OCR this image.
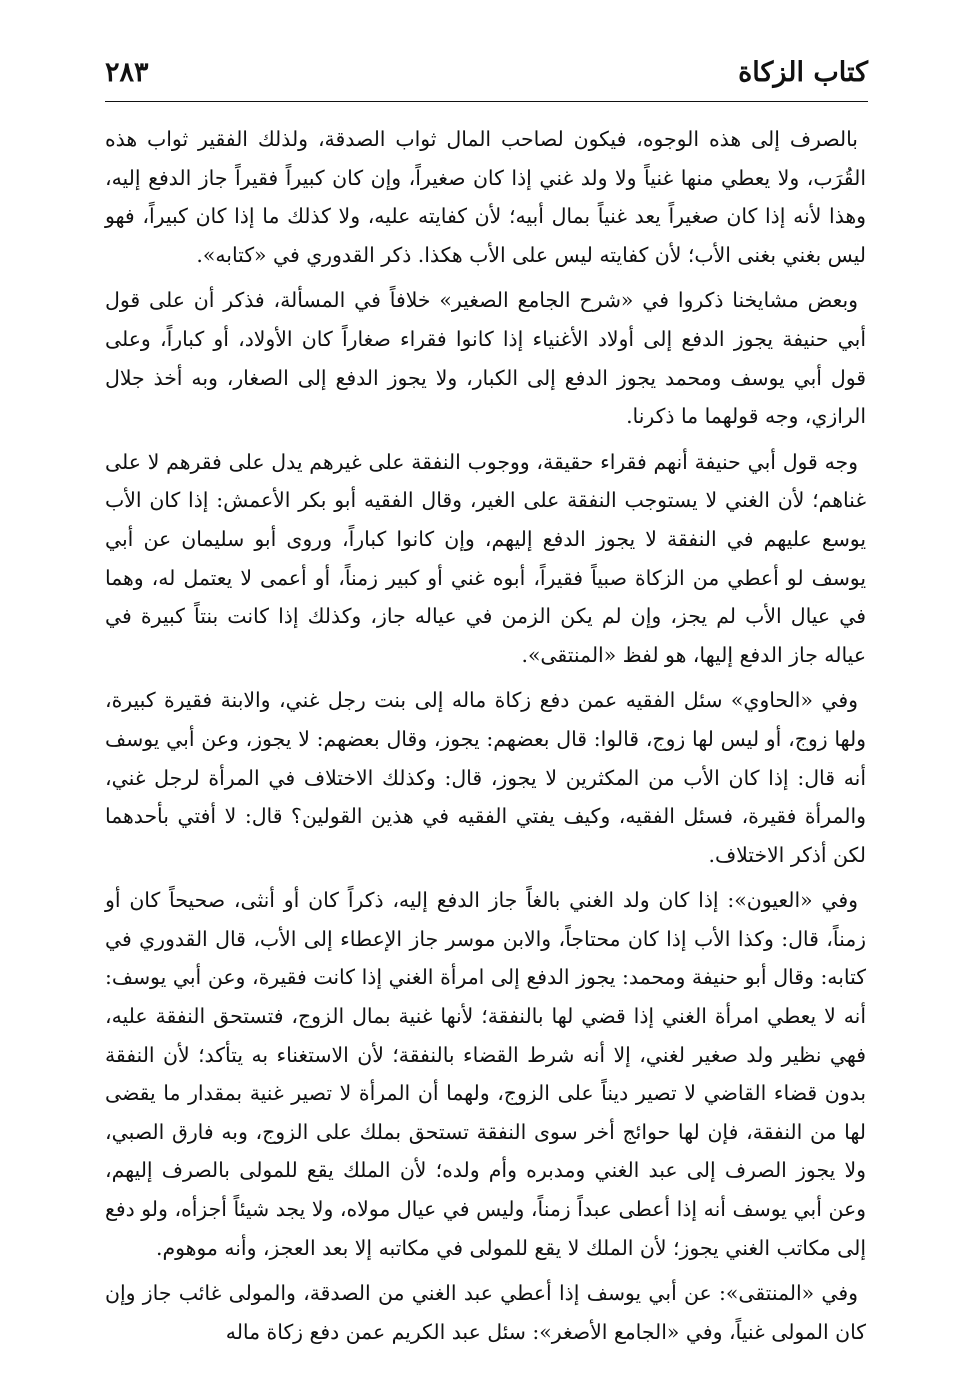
كتاب الزكاة
٢٨٣

بالصرف إلى هذه الوجوه، فيكون لصاحب المال ثواب الصدقة، ولذلك الفقير ثواب هذه القُرَب، ولا يعطي منها غنياً ولا ولد غني إذا كان صغيراً، وإن كان كبيراً فقيراً جاز الدفع إليه، وهذا لأنه إذا كان صغيراً يعد غنياً بمال أبيه؛ لأن كفايته عليه، ولا كذلك ما إذا كان كبيراً، فهو ليس بغني بغنى الأب؛ لأن كفايته ليس على الأب هكذا. ذكر القدوري في «كتابه».

وبعض مشايخنا ذكروا في «شرح الجامع الصغير» خلافاً في المسألة، فذكر أن على قول أبي حنيفة يجوز الدفع إلى أولاد الأغنياء إذا كانوا فقراء صغاراً كان الأولاد، أو كباراً، وعلى قول أبي يوسف ومحمد يجوز الدفع إلى الكبار، ولا يجوز الدفع إلى الصغار، وبه أخذ جلال الرازي، وجه قولهما ما ذكرنا.

وجه قول أبي حنيفة أنهم فقراء حقيقة، ووجوب النفقة على غيرهم يدل على فقرهم لا على غناهم؛ لأن الغني لا يستوجب النفقة على الغير، وقال الفقيه أبو بكر الأعمش: إذا كان الأب يوسع عليهم في النفقة لا يجوز الدفع إليهم، وإن كانوا كباراً، وروى أبو سليمان عن أبي يوسف لو أعطي من الزكاة صبياً فقيراً، أبوه غني أو كبير زمناً، أو أعمى لا يعتمل له، وهما في عيال الأب لم يجز، وإن لم يكن الزمن في عياله جاز، وكذلك إذا كانت بنتاً كبيرة في عياله جاز الدفع إليها، هو لفظ «المنتقى».

وفي «الحاوي» سئل الفقيه عمن دفع زكاة ماله إلى بنت رجل غني، والابنة فقيرة كبيرة، ولها زوج، أو ليس لها زوج، قالوا: قال بعضهم: يجوز، وقال بعضهم: لا يجوز، وعن أبي يوسف أنه قال: إذا كان الأب من المكثرين لا يجوز، قال: وكذلك الاختلاف في المرأة لرجل غني، والمرأة فقيرة، فسئل الفقيه، وكيف يفتي الفقيه في هذين القولين؟ قال: لا أفتي بأحدهما لكن أذكر الاختلاف.

وفي «العيون»: إذا كان ولد الغني بالغاً جاز الدفع إليه، ذكراً كان أو أنثى، صحيحاً كان أو زمناً، قال: وكذا الأب إذا كان محتاجاً، والابن موسر جاز الإعطاء إلى الأب، قال القدوري في كتابه: وقال أبو حنيفة ومحمد: يجوز الدفع إلى امرأة الغني إذا كانت فقيرة، وعن أبي يوسف: أنه لا يعطي امرأة الغني إذا قضي لها بالنفقة؛ لأنها غنية بمال الزوج، فتستحق النفقة عليه، فهي نظير ولد صغير لغني، إلا أنه شرط القضاء بالنفقة؛ لأن الاستغناء به يتأكد؛ لأن النفقة بدون قضاء القاضي لا تصير ديناً على الزوج، ولهما أن المرأة لا تصير غنية بمقدار ما يقضى لها من النفقة، فإن لها حوائج أخر سوى النفقة تستحق بملك على الزوج، وبه فارق الصبي، ولا يجوز الصرف إلى عبد الغني ومدبره وأم ولده؛ لأن الملك يقع للمولى بالصرف إليهم، وعن أبي يوسف أنه إذا أعطى عبداً زمناً، وليس في عيال مولاه، ولا يجد شيئاً أجزأه، ولو دفع إلى مكاتب الغني يجوز؛ لأن الملك لا يقع للمولى في مكاتبه إلا بعد العجز، وأنه موهوم.

وفي «المنتقى»: عن أبي يوسف إذا أعطي عبد الغني من الصدقة، والمولى غائب جاز وإن كان المولى غنياً، وفي «الجامع الأصغر»: سئل عبد الكريم عمن دفع زكاة ماله
